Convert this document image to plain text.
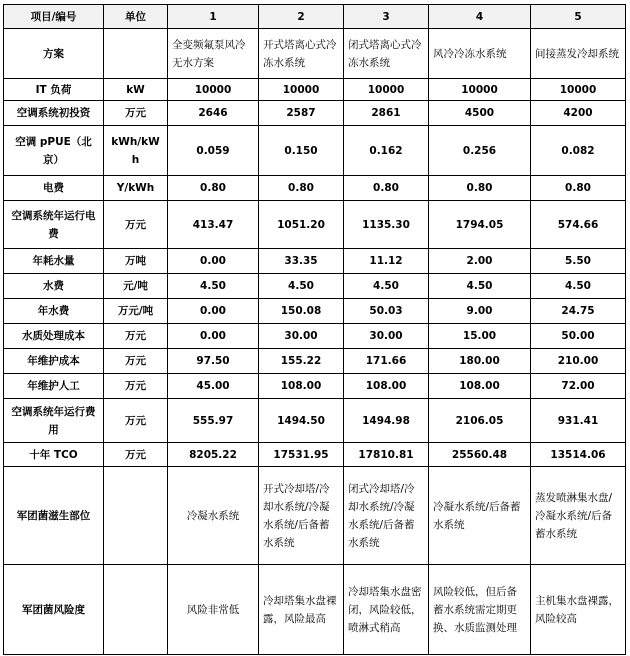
项目/编号	单位	1	2	3	4	5
方案		全变频氟泵风冷无水方案	开式塔离心式冷冻水系统	闭式塔离心式冷冻水系统	风冷冷冻水系统	间接蒸发冷却系统
IT 负荷	kW	10000	10000	10000	10000	10000
空调系统初投资	万元	2646	2587	2861	4500	4200
空调 pPUE（北京）	kWh/kWh	0.059	0.150	0.162	0.256	0.082
电费	Y/kWh	0.80	0.80	0.80	0.80	0.80
空调系统年运行电费	万元	413.47	1051.20	1135.30	1794.05	574.66
年耗水量	万吨	0.00	33.35	11.12	2.00	5.50
水费	元/吨	4.50	4.50	4.50	4.50	4.50
年水费	万元/吨	0.00	150.08	50.03	9.00	24.75
水质处理成本	万元	0.00	30.00	30.00	15.00	50.00
年维护成本	万元	97.50	155.22	171.66	180.00	210.00
年维护人工	万元	45.00	108.00	108.00	108.00	72.00
空调系统年运行费用	万元	555.97	1494.50	1494.98	2106.05	931.41
十年 TCO	万元	8205.22	17531.95	17810.81	25560.48	13514.06
军团菌滋生部位		冷凝水系统	开式冷却塔/冷却水系统/冷凝水系统/后备蓄水系统	闭式冷却塔/冷却水系统/冷凝水系统/后备蓄水系统	冷凝水系统/后备蓄水系统	蒸发喷淋集水盘/冷凝水系统/后备蓄水系统
军团菌风险度		风险非常低	冷却塔集水盘裸露，风险最高	冷却塔集水盘密闭，风险较低，喷淋式稍高	风险较低，但后备蓄水系统需定期更换、水质监测处理	主机集水盘裸露，风险较高
